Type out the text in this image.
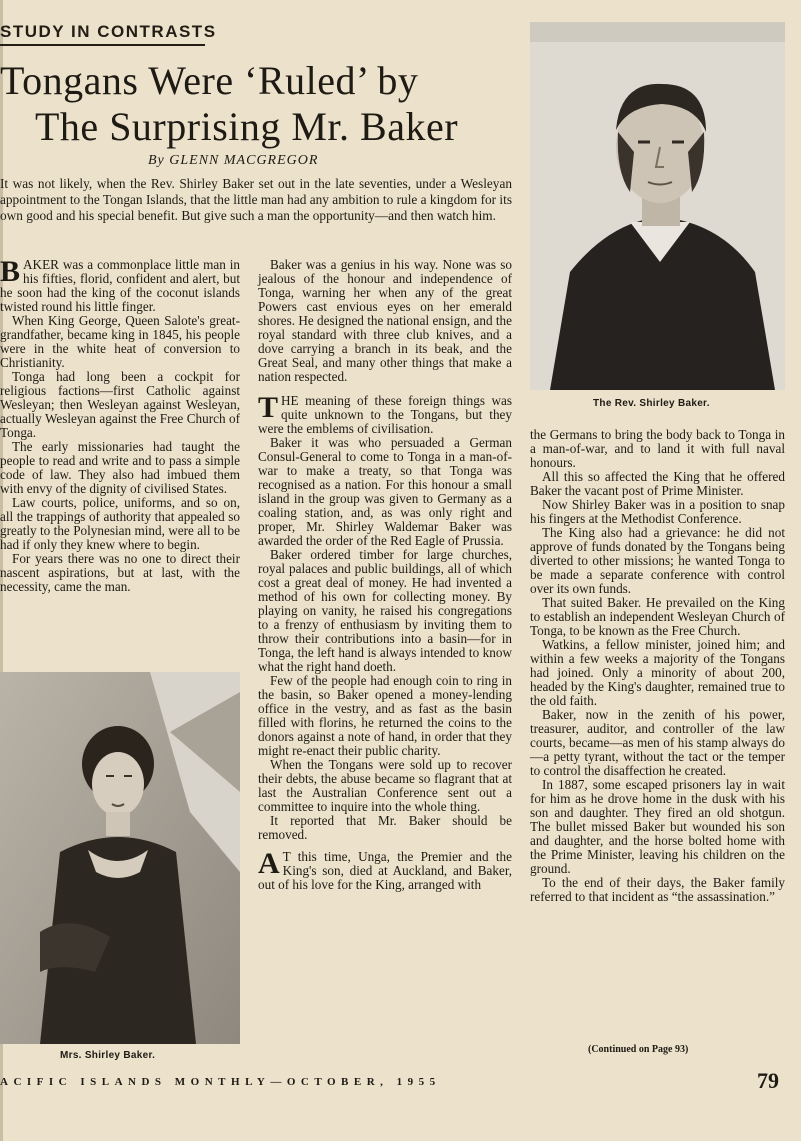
STUDY IN CONTRASTS
Tongans Were ‘Ruled’ by
The Surprising Mr. Baker
By GLENN MACGREGOR
It was not likely, when the Rev. Shirley Baker set out in the late seventies, under a Wesleyan appointment to the Tongan Islands, that the little man had any ambition to rule a kingdom for its own good and his special benefit. But give such a man the opportunity—and then watch him.

BAKER was a commonplace little man in his fifties, florid, confident and alert, but he soon had the king of the coconut islands twisted round his little finger.

When King George, Queen Salote's great-grandfather, became king in 1845, his people were in the white heat of conversion to Christianity.

Tonga had long been a cockpit for religious factions—first Catholic against Wesleyan; then Wesleyan against Wesleyan, actually Wesleyan against the Free Church of Tonga.

The early missionaries had taught the people to read and write and to pass a simple code of law. They also had imbued them with envy of the dignity of civilised States.

Law courts, police, uniforms, and so on, all the trappings of authority that appealed so greatly to the Polynesian mind, were all to be had if only they knew where to begin.

For years there was no one to direct their nascent aspirations, but at last, with the necessity, came the man.

Mrs. Shirley Baker.

Baker was a genius in his way. None was so jealous of the honour and independence of Tonga, warning her when any of the great Powers cast envious eyes on her emerald shores. He designed the national ensign, and the royal standard with three club knives, and a dove carrying a branch in its beak, and the Great Seal, and many other things that make a nation respected.

THE meaning of these foreign things was quite unknown to the Tongans, but they were the emblems of civilisation.

Baker it was who persuaded a German Consul-General to come to Tonga in a man-of-war to make a treaty, so that Tonga was recognised as a nation. For this honour a small island in the group was given to Germany as a coaling station, and, as was only right and proper, Mr. Shirley Waldemar Baker was awarded the order of the Red Eagle of Prussia.

Baker ordered timber for large churches, royal palaces and public buildings, all of which cost a great deal of money. He had invented a method of his own for collecting money. By playing on vanity, he raised his congregations to a frenzy of enthusiasm by inviting them to throw their contributions into a basin—for in Tonga, the left hand is always intended to know what the right hand doeth.

Few of the people had enough coin to ring in the basin, so Baker opened a money-lending office in the vestry, and as fast as the basin filled with florins, he returned the coins to the donors against a note of hand, in order that they might re-enact their public charity.

When the Tongans were sold up to recover their debts, the abuse became so flagrant that at last the Australian Conference sent out a committee to inquire into the whole thing.

It reported that Mr. Baker should be removed.

A T this time, Unga, the Premier and the King's son, died at Auckland, and Baker, out of his love for the King, arranged with

The Rev. Shirley Baker.

the Germans to bring the body back to Tonga in a man-of-war, and to land it with full naval honours.

All this so affected the King that he offered Baker the vacant post of Prime Minister.

Now Shirley Baker was in a position to snap his fingers at the Methodist Conference.

The King also had a grievance: he did not approve of funds donated by the Tongans being diverted to other missions; he wanted Tonga to be made a separate conference with control over its own funds.

That suited Baker. He prevailed on the King to establish an independent Wesleyan Church of Tonga, to be known as the Free Church.

Watkins, a fellow minister, joined him; and within a few weeks a majority of the Tongans had joined. Only a minority of about 200, headed by the King's daughter, remained true to the old faith.

Baker, now in the zenith of his power, treasurer, auditor, and controller of the law courts, became—as men of his stamp always do—a petty tyrant, without the tact or the temper to control the disaffection he created.

In 1887, some escaped prisoners lay in wait for him as he drove home in the dusk with his son and daughter. They fired an old shotgun. The bullet missed Baker but wounded his son and daughter, and the horse bolted home with the Prime Minister, leaving his children on the ground.

To the end of their days, the Baker family referred to that incident as “the assassination.”

(Continued on Page 93)
ACIFIC ISLANDS MONTHLY—OCTOBER, 1955	79
